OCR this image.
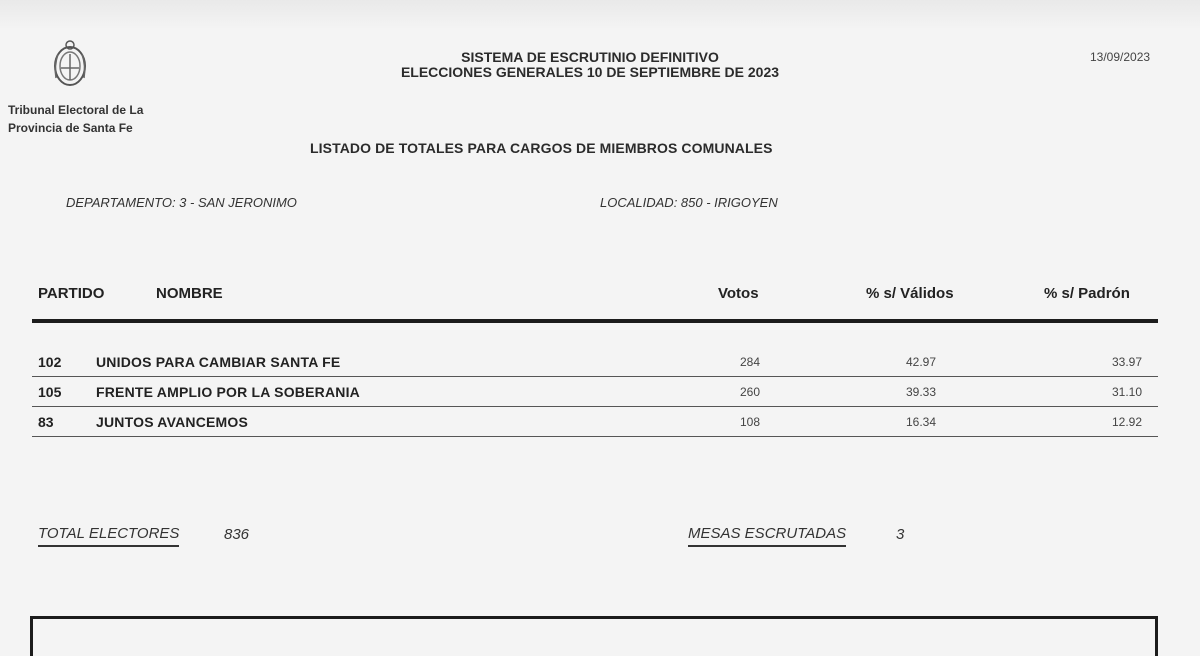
Tribunal Electoral de La
Provincia de Santa Fe
SISTEMA DE ESCRUTINIO DEFINITIVO
ELECCIONES GENERALES 10 DE SEPTIEMBRE DE 2023
13/09/2023
LISTADO DE TOTALES PARA CARGOS DE MIEMBROS COMUNALES
DEPARTAMENTO: 3 - SAN JERONIMO	LOCALIDAD: 850 - IRIGOYEN
PARTIDO	NOMBRE	Votos	% s/ Válidos	% s/ Padrón
102 UNIDOS PARA CAMBIAR SANTA FE	284	42.97	33.97
105 FRENTE AMPLIO POR LA SOBERANIA	260	39.33	31.10
83	JUNTOS AVANCEMOS	108	16.34	12.92
TOTAL ELECTORES	836	MESAS ESCRUTADAS	3
